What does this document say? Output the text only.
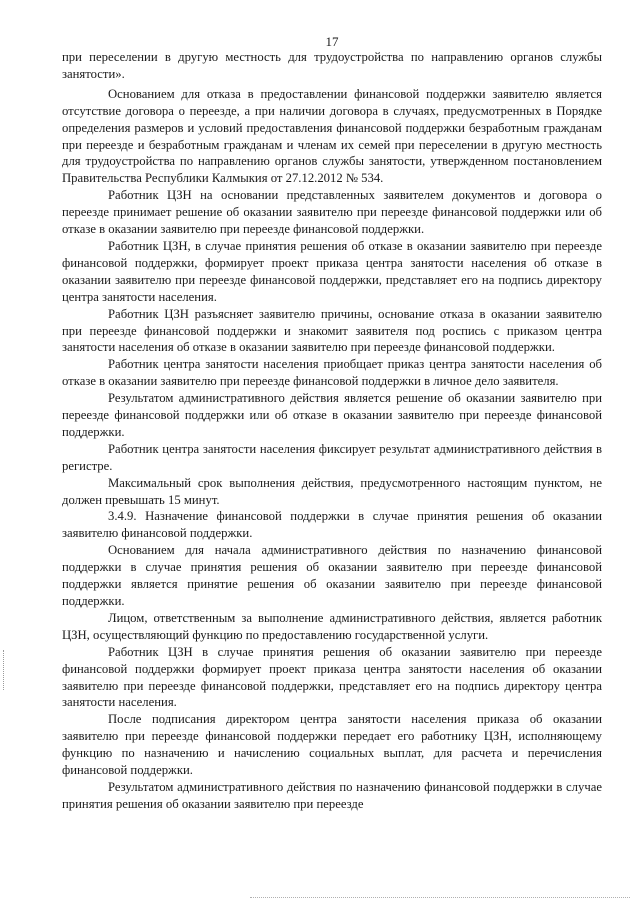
17

при переселении в другую местность для трудоустройства по направлению органов службы занятости».

Основанием для отказа в предоставлении финансовой поддержки заявителю является отсутствие договора о переезде, а при наличии договора в случаях, предусмотренных в Порядке определения размеров и условий предоставления финансовой поддержки безработным гражданам при переезде и безработным гражданам и членам их семей при переселении в другую местность для трудоустройства по направлению органов службы занятости, утвержденном постановлением Правительства Республики Калмыкия от 27.12.2012 № 534.

Работник ЦЗН на основании представленных заявителем документов и договора о переезде принимает решение об оказании заявителю при переезде финансовой поддержки или об отказе в оказании заявителю при переезде финансовой поддержки.

Работник ЦЗН, в случае принятия решения об отказе в оказании заявителю при переезде финансовой поддержки, формирует проект приказа центра занятости населения об отказе в оказании заявителю при переезде финансовой поддержки, представляет его на подпись директору центра занятости населения.

Работник ЦЗН разъясняет заявителю причины, основание отказа в оказании заявителю при переезде финансовой поддержки и знакомит заявителя под роспись с приказом центра занятости населения об отказе в оказании заявителю при переезде финансовой поддержки.

Работник центра занятости населения приобщает приказ центра занятости населения об отказе в оказании заявителю при переезде финансовой поддержки в личное дело заявителя.

Результатом административного действия является решение об оказании заявителю при переезде финансовой поддержки или об отказе в оказании заявителю при переезде финансовой поддержки.

Работник центра занятости населения фиксирует результат административного действия в регистре.

Максимальный срок выполнения действия, предусмотренного настоящим пунктом, не должен превышать 15 минут.

3.4.9. Назначение финансовой поддержки в случае принятия решения об оказании заявителю финансовой поддержки.

Основанием для начала административного действия по назначению финансовой поддержки в случае принятия решения об оказании заявителю при переезде финансовой поддержки является принятие решения об оказании заявителю при переезде финансовой поддержки.

Лицом, ответственным за выполнение административного действия, является работник ЦЗН, осуществляющий функцию по предоставлению государственной услуги.

Работник ЦЗН в случае принятия решения об оказании заявителю при переезде финансовой поддержки формирует проект приказа центра занятости населения об оказании заявителю при переезде финансовой поддержки, представляет его на подпись директору центра занятости населения.

После подписания директором центра занятости населения приказа об оказании заявителю при переезде финансовой поддержки передает его работнику ЦЗН, исполняющему функцию по назначению и начислению социальных выплат, для расчета и перечисления финансовой поддержки.

Результатом административного действия по назначению финансовой поддержки в случае принятия решения об оказании заявителю при переезде
